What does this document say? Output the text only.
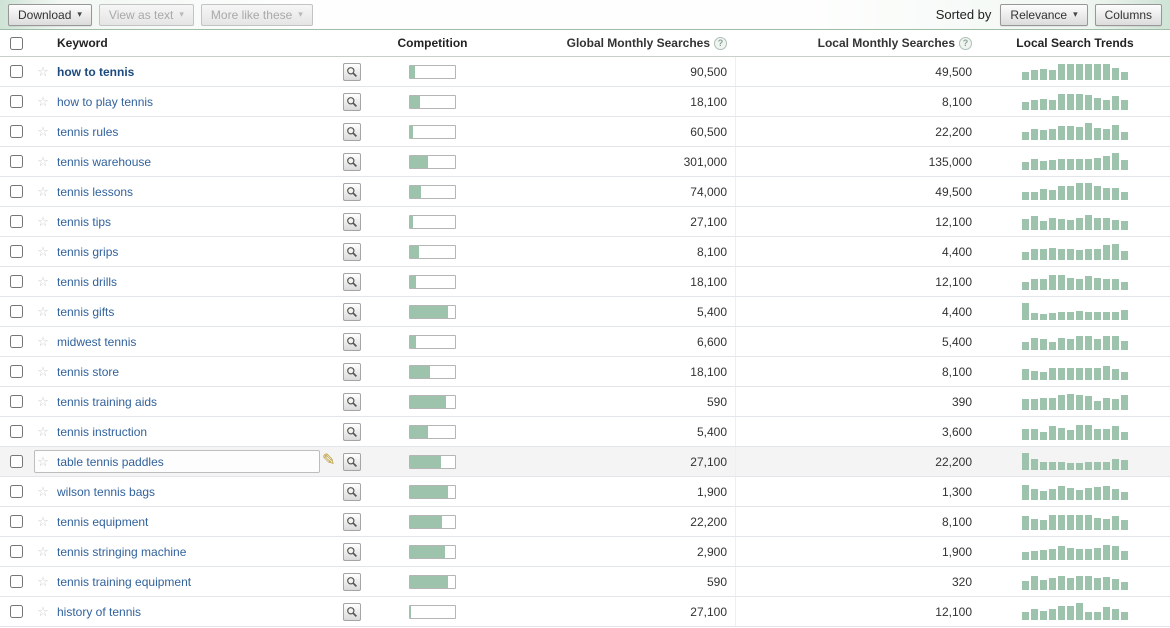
Download ▾ View as text ▾ More like these ▾	Sorted by Relevance ▾ Columns
Keyword	Competition	Global Monthly Searches ?	Local Monthly Searches ?	Local Search Trends
☆ how to tennis	90,500	49,500
☆ how to play tennis	18,100	8,100
☆ tennis rules	60,500	22,200
☆ tennis warehouse	301,000	135,000
☆ tennis lessons	74,000	49,500
☆ tennis tips	27,100	12,100
☆ tennis grips	8,100	4,400
☆ tennis drills	18,100	12,100
☆ tennis gifts	5,400	4,400
☆ midwest tennis	6,600	5,400
☆ tennis store	18,100	8,100
☆ tennis training aids	590	390
☆ tennis instruction	5,400	3,600
✎
☆ table tennis paddles	27,100	22,200
☆ wilson tennis bags	1,900	1,300
☆ tennis equipment	22,200	8,100
☆ tennis stringing machine	2,900	1,900
☆ tennis training equipment	590	320
☆ history of tennis	27,100	12,100
